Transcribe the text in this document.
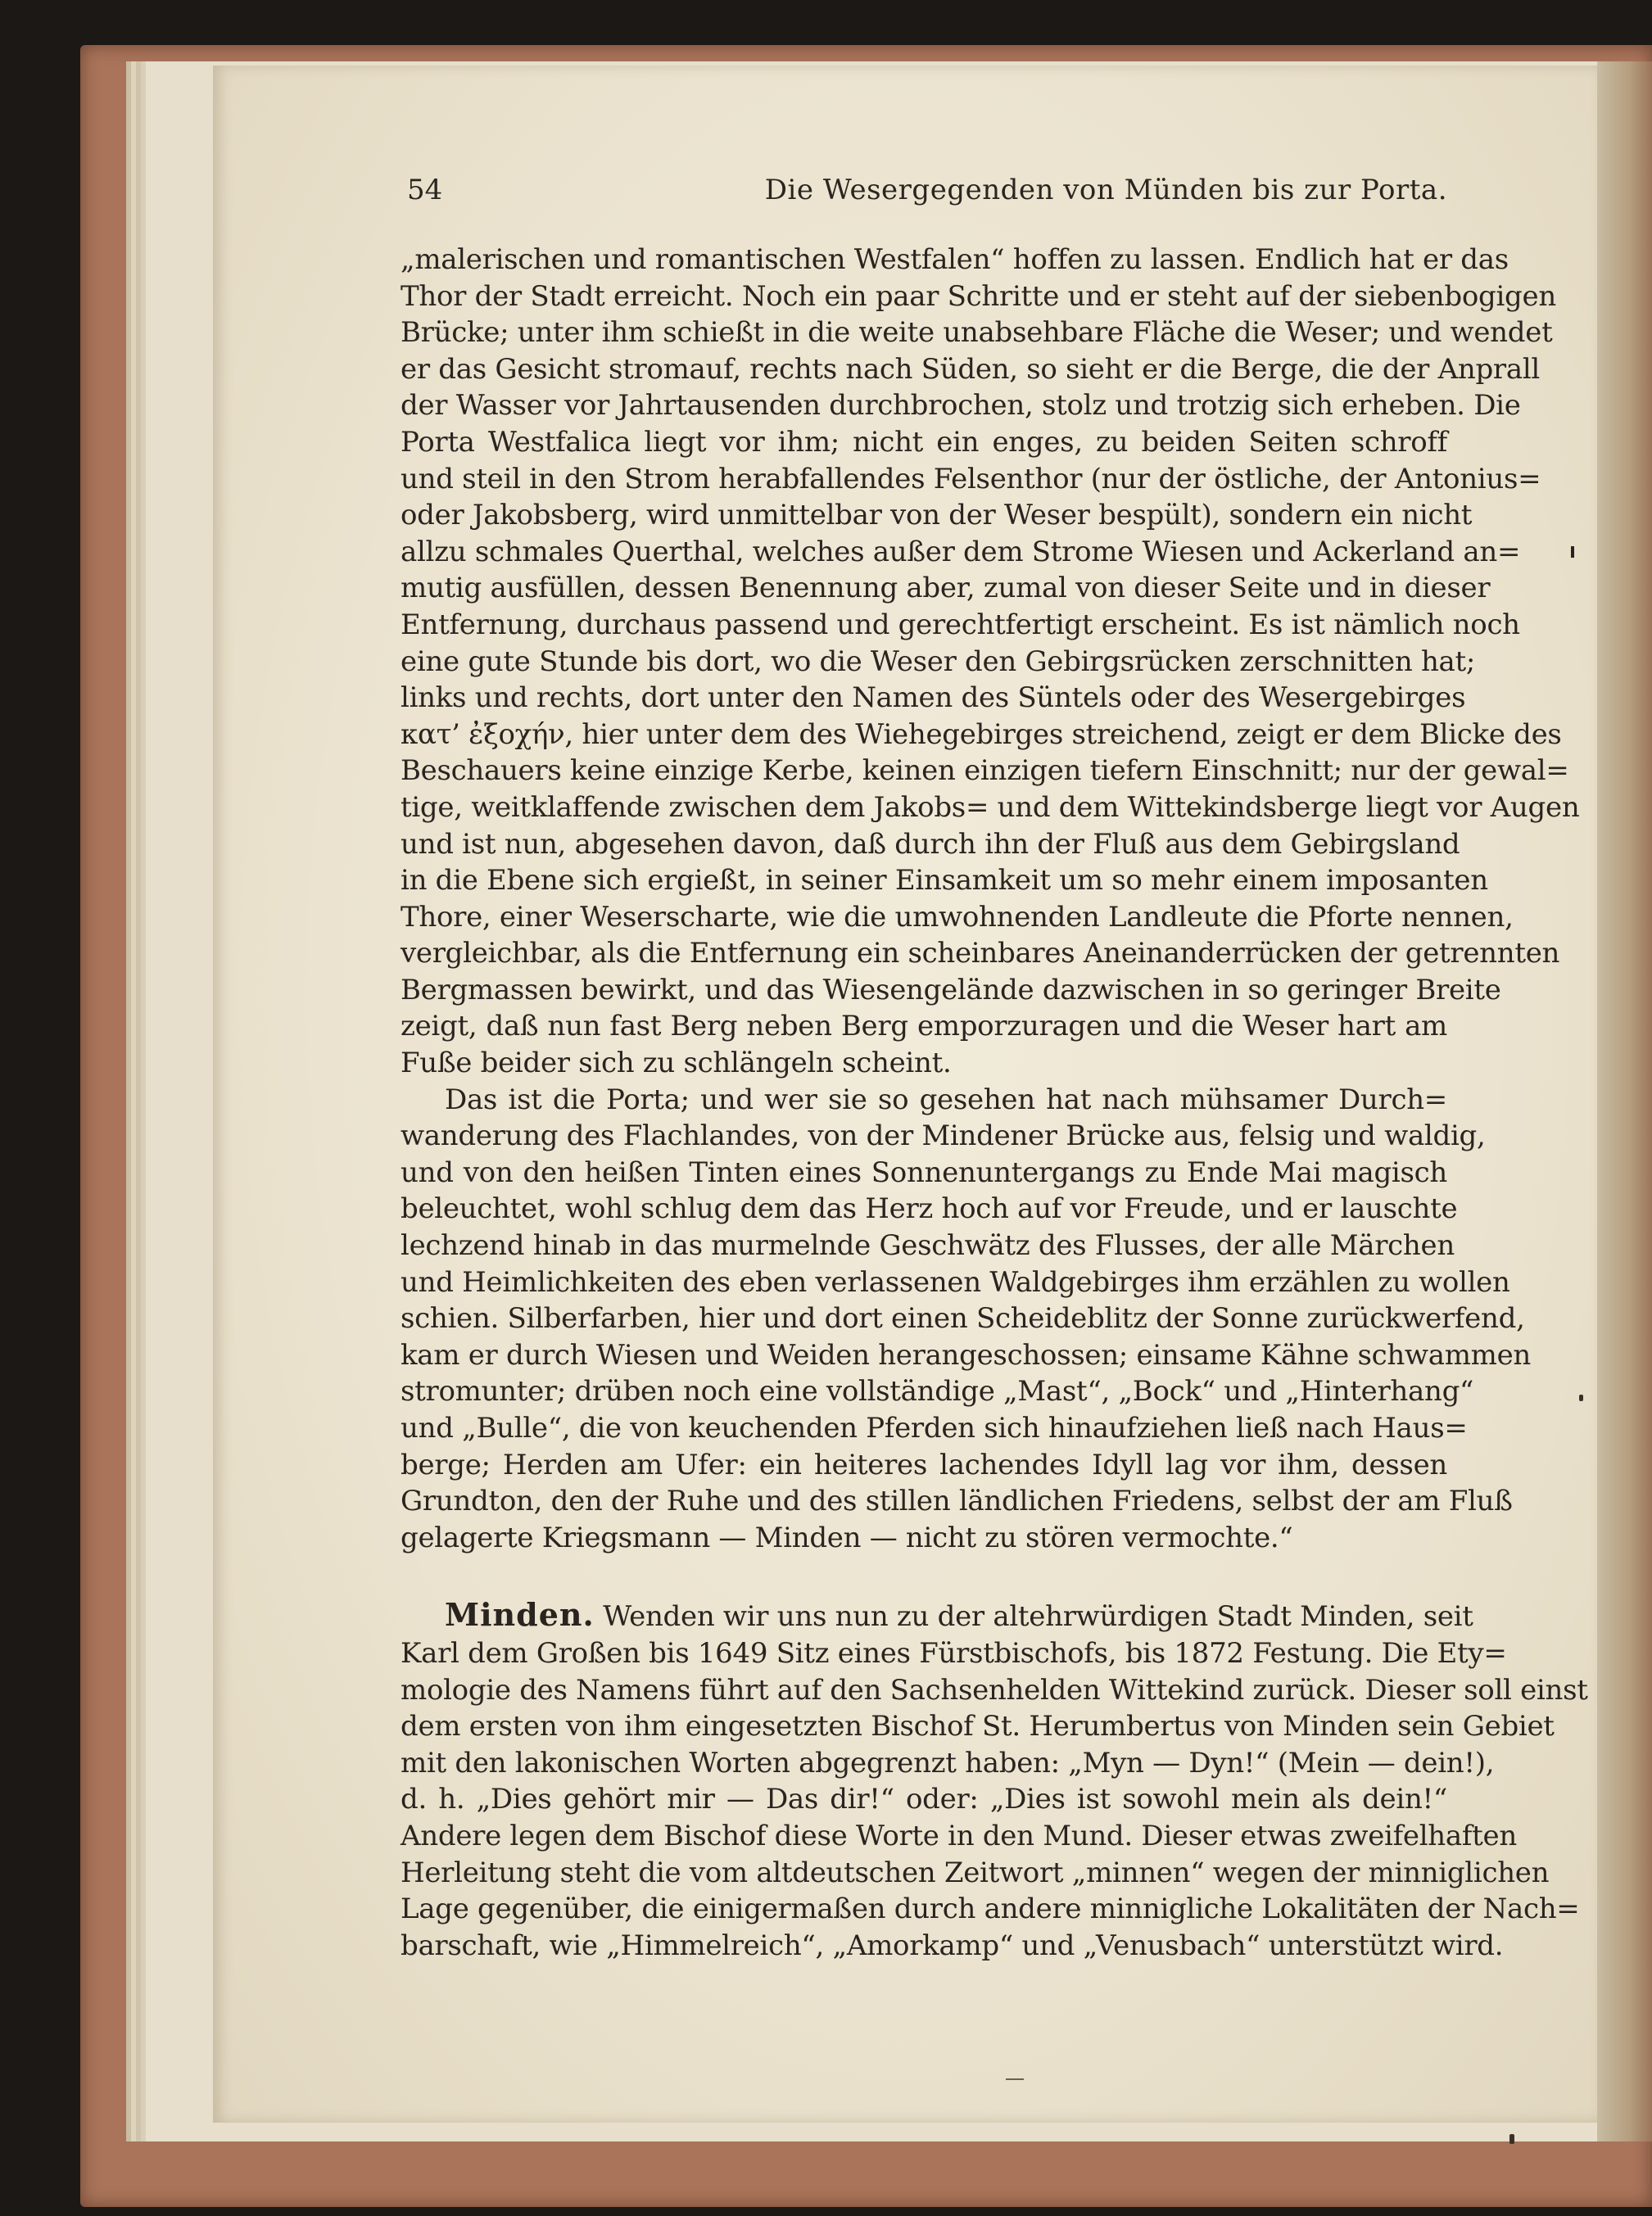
54	Die Wesergegenden von Münden bis zur Porta.

„malerischen und romantischen Westfalen“ hoffen zu lassen. Endlich hat er das
Thor der Stadt erreicht. Noch ein paar Schritte und er steht auf der siebenbogigen
Brücke; unter ihm schießt in die weite unabsehbare Fläche die Weser; und wendet
er das Gesicht stromauf, rechts nach Süden, so sieht er die Berge, die der Anprall
der Wasser vor Jahrtausenden durchbrochen, stolz und trotzig sich erheben. Die
Porta Westfalica liegt vor ihm; nicht ein enges, zu beiden Seiten schroff
und steil in den Strom herabfallendes Felsenthor (nur der östliche, der Antonius=
oder Jakobsberg, wird unmittelbar von der Weser bespült), sondern ein nicht
allzu schmales Querthal, welches außer dem Strome Wiesen und Ackerland an=
mutig ausfüllen, dessen Benennung aber, zumal von dieser Seite und in dieser
Entfernung, durchaus passend und gerechtfertigt erscheint. Es ist nämlich noch
eine gute Stunde bis dort, wo die Weser den Gebirgsrücken zerschnitten hat;
links und rechts, dort unter den Namen des Süntels oder des Wesergebirges
κατ’ ἐξοχήν, hier unter dem des Wiehegebirges streichend, zeigt er dem Blicke des
Beschauers keine einzige Kerbe, keinen einzigen tiefern Einschnitt; nur der gewal=
tige, weitklaffende zwischen dem Jakobs= und dem Wittekindsberge liegt vor Augen
und ist nun, abgesehen davon, daß durch ihn der Fluß aus dem Gebirgsland
in die Ebene sich ergießt, in seiner Einsamkeit um so mehr einem imposanten
Thore, einer Weserscharte, wie die umwohnenden Landleute die Pforte nennen,
vergleichbar, als die Entfernung ein scheinbares Aneinanderrücken der getrennten
Bergmassen bewirkt, und das Wiesengelände dazwischen in so geringer Breite
zeigt, daß nun fast Berg neben Berg emporzuragen und die Weser hart am
Fuße beider sich zu schlängeln scheint.

Das ist die Porta; und wer sie so gesehen hat nach mühsamer Durch=
wanderung des Flachlandes, von der Mindener Brücke aus, felsig und waldig,
und von den heißen Tinten eines Sonnenuntergangs zu Ende Mai magisch
beleuchtet, wohl schlug dem das Herz hoch auf vor Freude, und er lauschte
lechzend hinab in das murmelnde Geschwätz des Flusses, der alle Märchen
und Heimlichkeiten des eben verlassenen Waldgebirges ihm erzählen zu wollen
schien. Silberfarben, hier und dort einen Scheideblitz der Sonne zurückwerfend,
kam er durch Wiesen und Weiden herangeschossen; einsame Kähne schwammen
stromunter; drüben noch eine vollständige „Mast“, „Bock“ und „Hinterhang“
und „Bulle“, die von keuchenden Pferden sich hinaufziehen ließ nach Haus=
berge; Herden am Ufer: ein heiteres lachendes Idyll lag vor ihm, dessen
Grundton, den der Ruhe und des stillen ländlichen Friedens, selbst der am Fluß
gelagerte Kriegsmann — Minden — nicht zu stören vermochte.“

Minden. Wenden wir uns nun zu der altehrwürdigen Stadt Minden, seit
Karl dem Großen bis 1649 Sitz eines Fürstbischofs, bis 1872 Festung. Die Ety=
mologie des Namens führt auf den Sachsenhelden Wittekind zurück. Dieser soll einst
dem ersten von ihm eingesetzten Bischof St. Herumbertus von Minden sein Gebiet
mit den lakonischen Worten abgegrenzt haben: „Myn — Dyn!“ (Mein — dein!),
d. h. „Dies gehört mir — Das dir!“ oder: „Dies ist sowohl mein als dein!“
Andere legen dem Bischof diese Worte in den Mund. Dieser etwas zweifelhaften
Herleitung steht die vom altdeutschen Zeitwort „minnen“ wegen der minniglichen
Lage gegenüber, die einigermaßen durch andere minnigliche Lokalitäten der Nach=
barschaft, wie „Himmelreich“, „Amorkamp“ und „Venusbach“ unterstützt wird.
